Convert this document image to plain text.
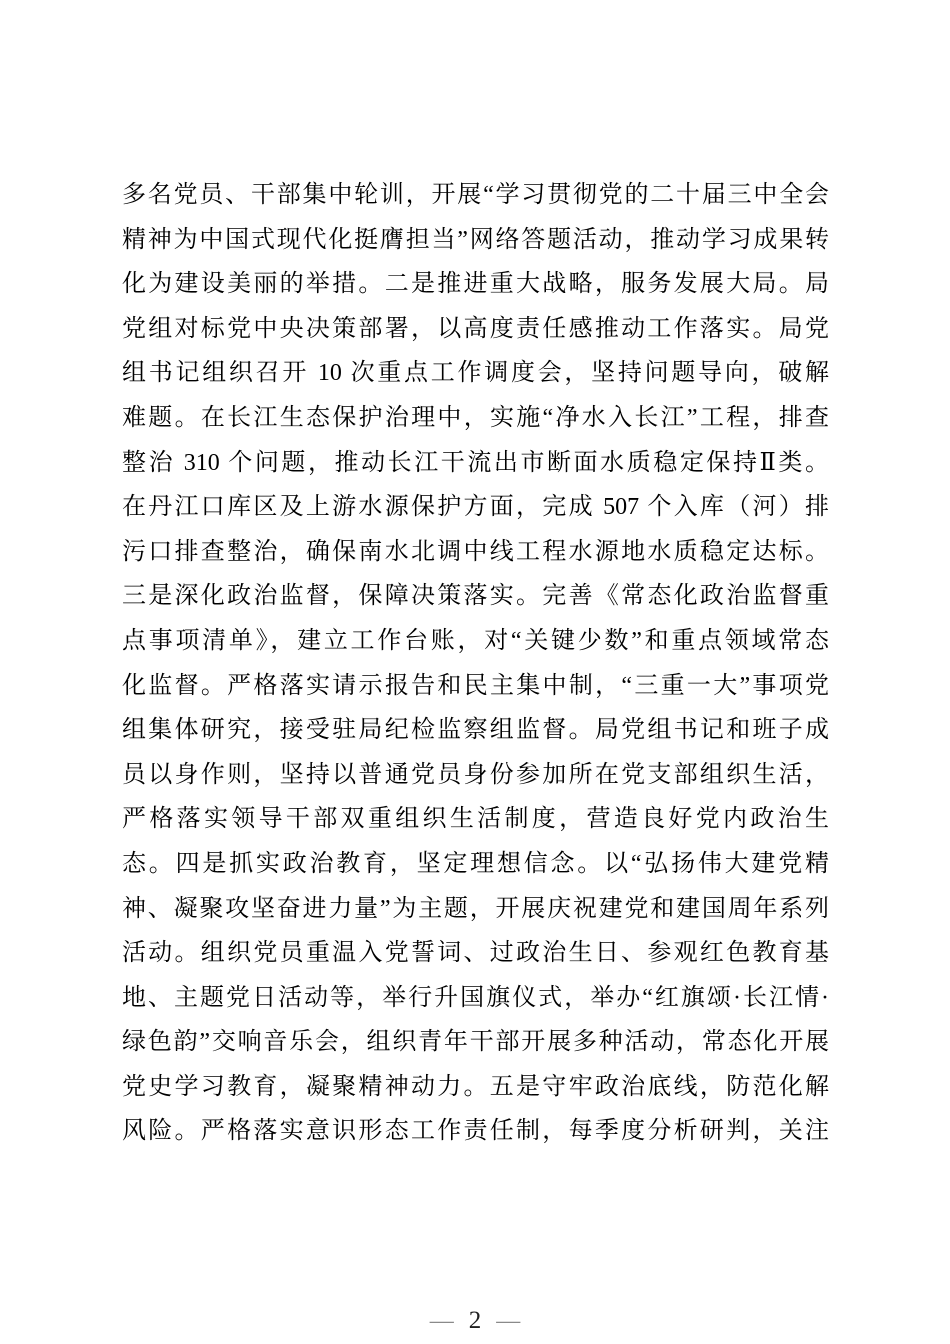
多名党员、干部集中轮训，开展“学习贯彻党的二十届三中全会
精神为中国式现代化挺膺担当”网络答题活动，推动学习成果转
化为建设美丽的举措。二是推进重大战略，服务发展大局。局
党组对标党中央决策部署，以高度责任感推动工作落实。局党
组书记组织召开 10 次重点工作调度会，坚持问题导向，破解
难题。在长江生态保护治理中，实施“净水入长江”工程，排查
整治 310 个问题，推动长江干流出市断面水质稳定保持Ⅱ类。
在丹江口库区及上游水源保护方面，完成 507 个入库（河）排
污口排查整治，确保南水北调中线工程水源地水质稳定达标。
三是深化政治监督，保障决策落实。完善《常态化政治监督重
点事项清单》，建立工作台账，对“关键少数”和重点领域常态
化监督。严格落实请示报告和民主集中制，“三重一大”事项党
组集体研究，接受驻局纪检监察组监督。局党组书记和班子成
员以身作则，坚持以普通党员身份参加所在党支部组织生活，
严格落实领导干部双重组织生活制度，营造良好党内政治生
态。四是抓实政治教育，坚定理想信念。以“弘扬伟大建党精
神、凝聚攻坚奋进力量”为主题，开展庆祝建党和建国周年系列
活动。组织党员重温入党誓词、过政治生日、参观红色教育基
地、主题党日活动等，举行升国旗仪式，举办“红旗颂·长江情·
绿色韵”交响音乐会，组织青年干部开展多种活动，常态化开展
党史学习教育，凝聚精神动力。五是守牢政治底线，防范化解
风险。严格落实意识形态工作责任制，每季度分析研判，关注
— 2 —
